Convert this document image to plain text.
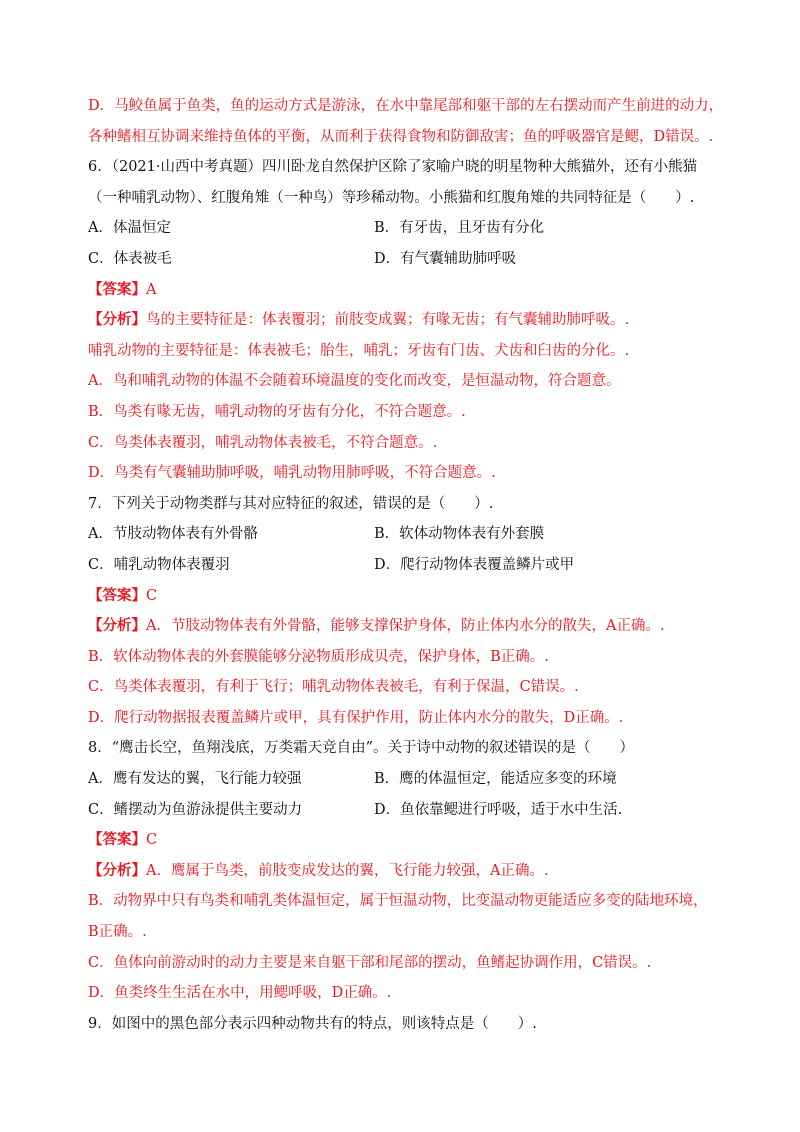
D．马鲛鱼属于鱼类，鱼的运动方式是游泳，在水中靠尾部和躯干部的左右摆动而产生前进的动力，
各种鳍相互协调来维持鱼体的平衡，从而利于获得食物和防御敌害；鱼的呼吸器官是鳃，D错误。.
6．（2021·山西中考真题）四川卧龙自然保护区除了家喻户晓的明星物种大熊猫外，还有小熊猫
（一种哺乳动物）、红腹角雉（一种鸟）等珍稀动物。小熊猫和红腹角雉的共同特征是（　　）.
A．体温恒定	B．有牙齿，且牙齿有分化
C．体表被毛	D．有气囊辅助肺呼吸
【答案】A
【分析】鸟的主要特征是：体表覆羽；前肢变成翼；有喙无齿；有气囊辅助肺呼吸。.
哺乳动物的主要特征是：体表被毛；胎生，哺乳；牙齿有门齿、犬齿和臼齿的分化。.
A．鸟和哺乳动物的体温不会随着环境温度的变化而改变，是恒温动物，符合题意。
B．鸟类有喙无齿，哺乳动物的牙齿有分化，不符合题意。.
C．鸟类体表覆羽，哺乳动物体表被毛，不符合题意。.
D．鸟类有气囊辅助肺呼吸，哺乳动物用肺呼吸，不符合题意。.
7．下列关于动物类群与其对应特征的叙述，错误的是（　　）.
A．节肢动物体表有外骨骼	B．软体动物体表有外套膜
C．哺乳动物体表覆羽	D．爬行动物体表覆盖鳞片或甲
【答案】C
【分析】A．节肢动物体表有外骨骼，能够支撑保护身体，防止体内水分的散失，A正确。.
B．软体动物体表的外套膜能够分泌物质形成贝壳，保护身体，B正确。.
C．鸟类体表覆羽，有利于飞行；哺乳动物体表被毛，有利于保温，C错误。.
D．爬行动物据报表覆盖鳞片或甲，具有保护作用，防止体内水分的散失，D正确。.
8．“鹰击长空，鱼翔浅底，万类霜天竞自由”。关于诗中动物的叙述错误的是（　　）
A．鹰有发达的翼，飞行能力较强	B．鹰的体温恒定，能适应多变的环境
C．鳍摆动为鱼游泳提供主要动力	D．鱼依靠鳃进行呼吸，适于水中生活.
【答案】C
【分析】A．鹰属于鸟类，前肢变成发达的翼，飞行能力较强，A正确。.
B．动物界中只有鸟类和哺乳类体温恒定，属于恒温动物，比变温动物更能适应多变的陆地环境，
B正确。.
C．鱼体向前游动时的动力主要是来自躯干部和尾部的摆动，鱼鳍起协调作用，C错误。.
D．鱼类终生生活在水中，用鳃呼吸，D正确。.
9．如图中的黑色部分表示四种动物共有的特点，则该特点是（　　）.
